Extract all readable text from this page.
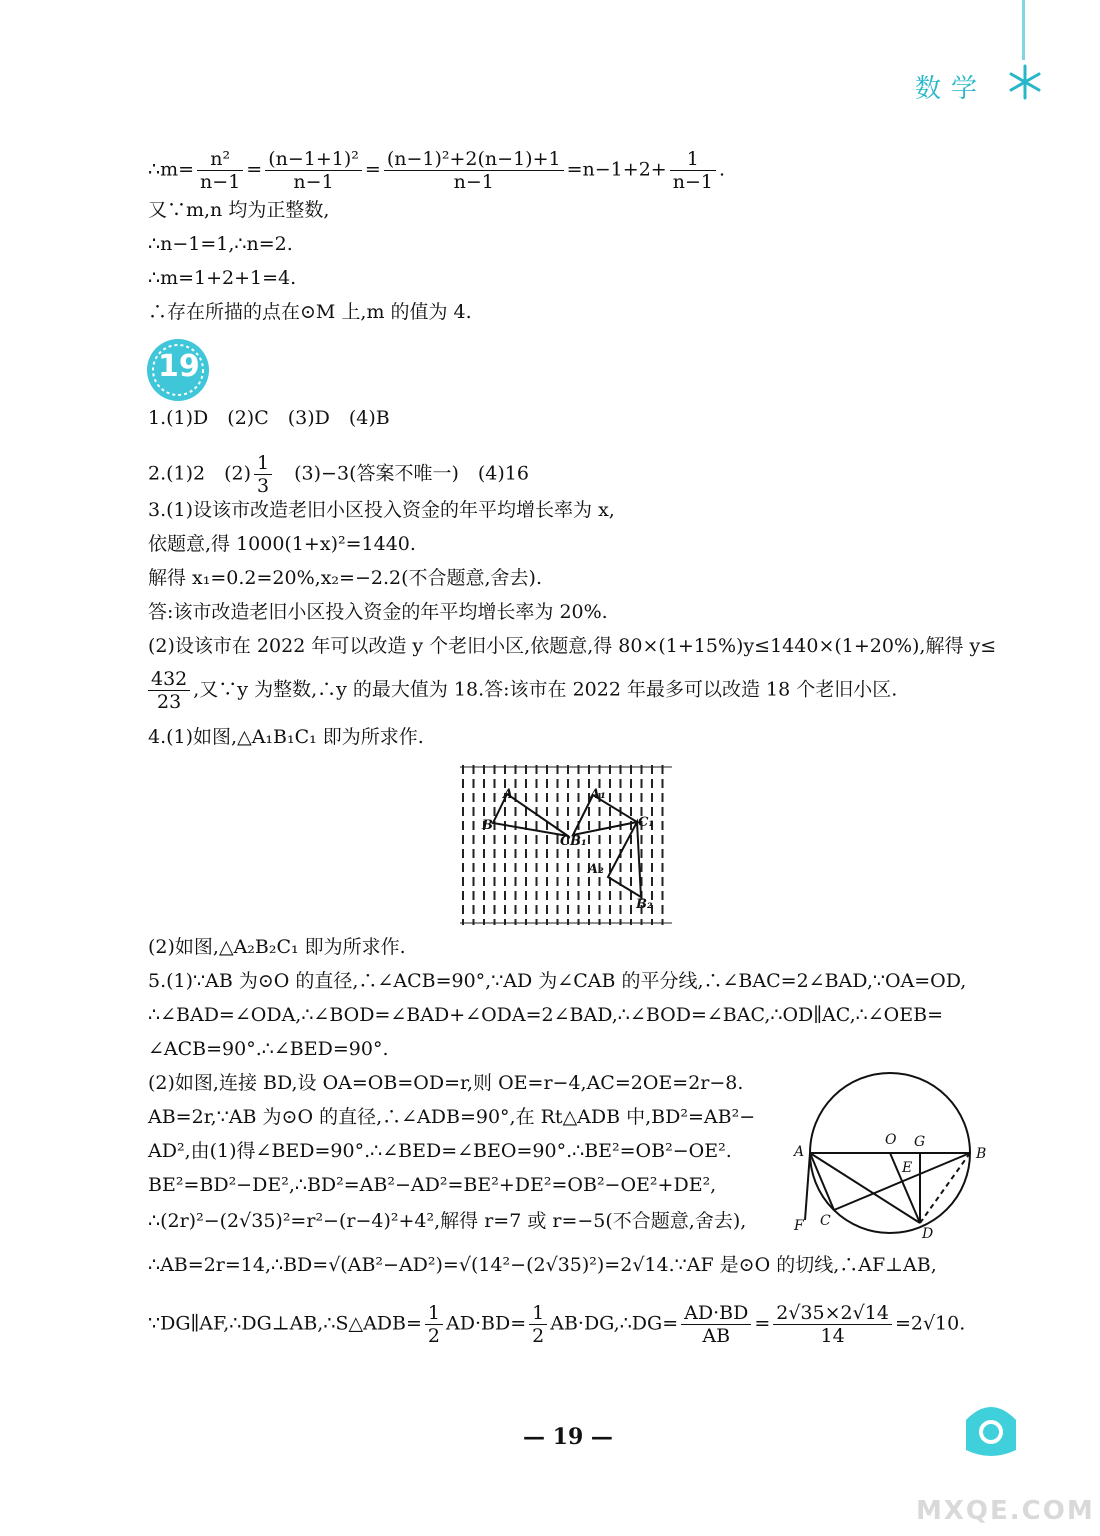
数学
∴m= $\frac{\text{n²}}{n-1} = \frac{\text{(n−1+1)²}}{n-1} = \frac{\text{(n−1)²+2(n−1)+1}}{n-1} =n-1+2+ \frac{1}{n-1}$ .
又∵m,n 均为正整数,
∴n−1=1,∴n=2.
∴m=1+2+1=4.
∴存在所描的点在⊙M 上,m 的值为 4.
19
1.(1)D　(2)C　(3)D　(4)B
2.(1)2　$(2) \frac{1}{3}$ 　(3)−3(答案不唯一)　(4)16
3.(1)设该市改造老旧小区投入资金的年平均增长率为 x,
依题意,得 1000(1+x)²=1440.
解得 x₁=0.2=20%,x₂=−2.2(不合题意,舍去).
答:该市改造老旧小区投入资金的年平均增长率为 20%.
(2)设该市在 2022 年可以改造 y 个老旧小区,依题意,得 80×(1+15%)y≤1440×(1+20%),解得 y≤
$\frac{432}{23}$ ,又∵y 为整数,∴y 的最大值为 18.答:该市在 2022 年最多可以改造 18 个老旧小区.
4.(1)如图,△A₁B₁C₁ 即为所求作.
A
B
C
A₁
B₁
C₁
A₂
B₂
(2)如图,△A₂B₂C₁ 即为所求作.
5.(1)∵AB 为⊙O 的直径,∴∠ACB=90°,∵AD 为∠CAB 的平分线,∴∠BAC=2∠BAD,∵OA=OD,
∴∠BAD=∠ODA,∴∠BOD=∠BAD+∠ODA=2∠BAD,∴∠BOD=∠BAC,∴OD∥AC,∴∠OEB=
∠ACB=90°.∴∠BED=90°.
(2)如图,连接 BD,设 OA=OB=OD=r,则 OE=r−4,AC=2OE=2r−8.
AB=2r,∵AB 为⊙O 的直径,∴∠ADB=90°,在 Rt△ADB 中,BD²=AB²−
AD²,由(1)得∠BED=90°.∴∠BED=∠BEO=90°.∴BE²=OB²−OE².
BE²=BD²−DE²,∴BD²=AB²−AD²=BE²+DE²=OB²−OE²+DE²,
∴(2r)²−(2√35)²=r²−(r−4)²+4²,解得 r=7 或 r=−5(不合题意,舍去),
∴AB=2r=14,∴BD=√(AB²−AD²)=√(14²−(2√35)²)=2√14.∵AF 是⊙O 的切线,∴AF⊥AB,
∵DG∥AF,∴DG⊥AB,∴S△ADB= $\frac{1}{2} AD\cdot BD= \frac{1}{2}$ AB·DG,∴DG= $\frac{AD\cdot BD}{AB} = \frac{2√35\times 2√14}{14} =2√10$.
A	B
O G
E
F C
D
— 19 —
MXQE.COM
